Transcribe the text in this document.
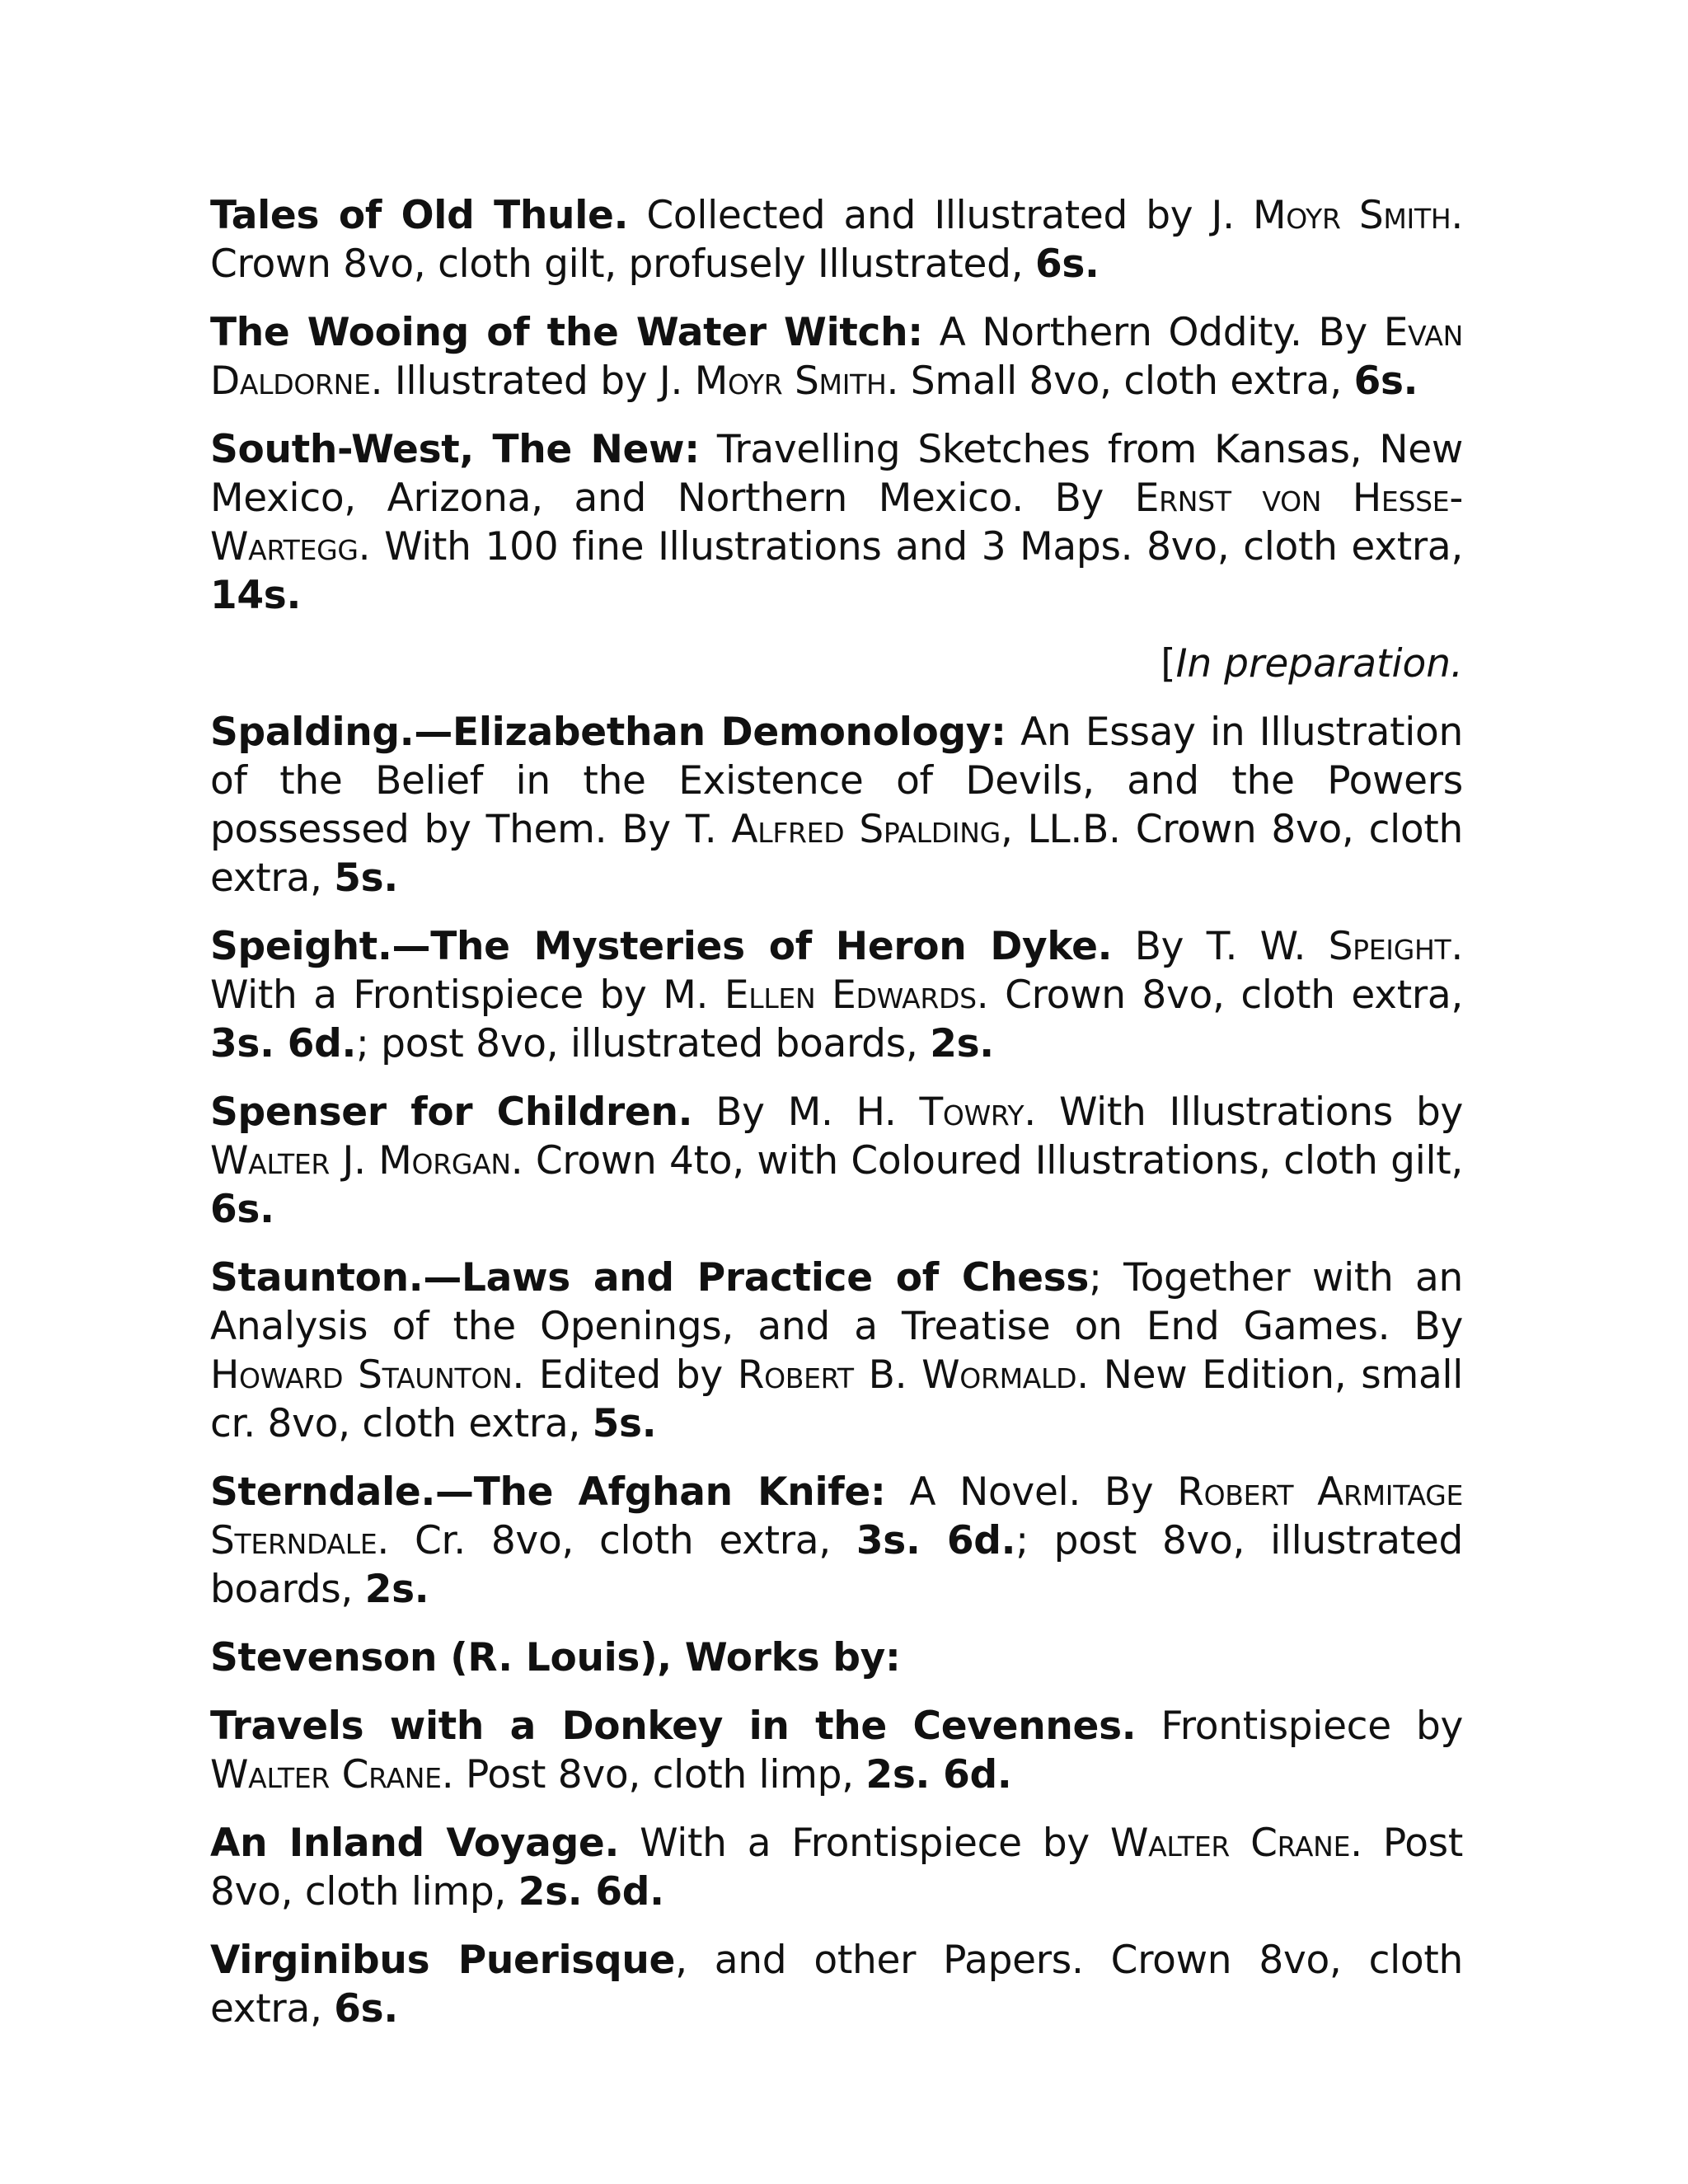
Tales of Old Thule. Collected and Illustrated by J. Moyr Smith. Crown 8vo, cloth gilt, profusely Illustrated, 6s.

The Wooing of the Water Witch: A Northern Oddity. By Evan Daldorne. Illustrated by J. Moyr Smith. Small 8vo, cloth extra, 6s.

South-West, The New: Travelling Sketches from Kansas, New Mexico, Arizona, and Northern Mexico. By Ernst von Hesse-Wartegg. With 100 fine Illustrations and 3 Maps. 8vo, cloth extra, 14s.

[In preparation.

Spalding.—Elizabethan Demonology: An Essay in Illustration of the Belief in the Existence of Devils, and the Powers possessed by Them. By T. Alfred Spalding, LL.B. Crown 8vo, cloth extra, 5s.

Speight.—The Mysteries of Heron Dyke. By T. W. Speight. With a Frontispiece by M. Ellen Edwards. Crown 8vo, cloth extra, 3s. 6d.; post 8vo, illustrated boards, 2s.

Spenser for Children. By M. H. Towry. With Illustrations by Walter J. Morgan. Crown 4to, with Coloured Illustrations, cloth gilt, 6s.

Staunton.—Laws and Practice of Chess; Together with an Analysis of the Openings, and a Treatise on End Games. By Howard Staunton. Edited by Robert B. Wormald. New Edition, small cr. 8vo, cloth extra, 5s.

Sterndale.—The Afghan Knife: A Novel. By Robert Armitage Sterndale. Cr. 8vo, cloth extra, 3s. 6d.; post 8vo, illustrated boards, 2s.

Stevenson (R. Louis), Works by:

Travels with a Donkey in the Cevennes. Frontispiece by Walter Crane. Post 8vo, cloth limp, 2s. 6d.

An Inland Voyage. With a Frontispiece by Walter Crane. Post 8vo, cloth limp, 2s. 6d.

Virginibus Puerisque, and other Papers. Crown 8vo, cloth extra, 6s.
